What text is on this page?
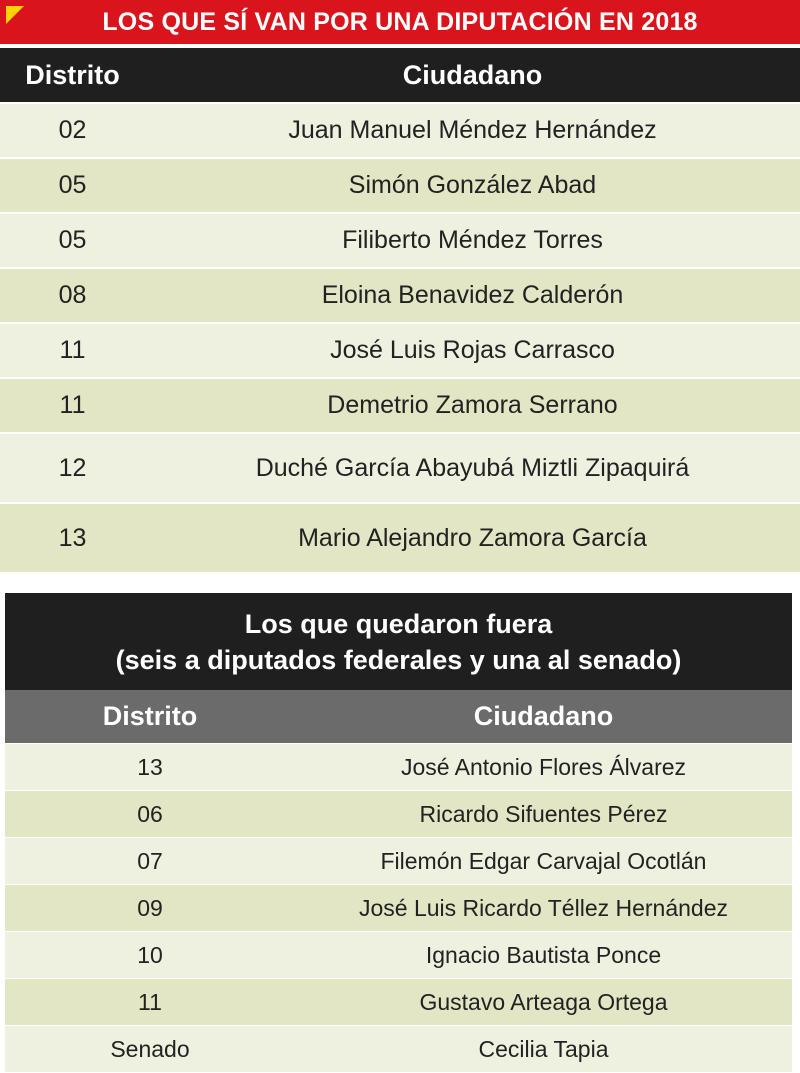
LOS QUE SÍ VAN POR UNA DIPUTACIÓN EN 2018
Distrito	Ciudadano
02	Juan Manuel Méndez Hernández
05	Simón González Abad
05	Filiberto Méndez Torres
08	Eloina Benavidez Calderón
11	José Luis Rojas Carrasco
11	Demetrio Zamora Serrano
12	Duché García Abayubá Miztli Zipaquirá
13	Mario Alejandro Zamora García
Los que quedaron fuera
(seis a diputados federales y una al senado)
Distrito	Ciudadano
13	José Antonio Flores Álvarez
06	Ricardo Sifuentes Pérez
07	Filemón Edgar Carvajal Ocotlán
09	José Luis Ricardo Téllez Hernández
10	Ignacio Bautista Ponce
11	Gustavo Arteaga Ortega
Senado	Cecilia Tapia
